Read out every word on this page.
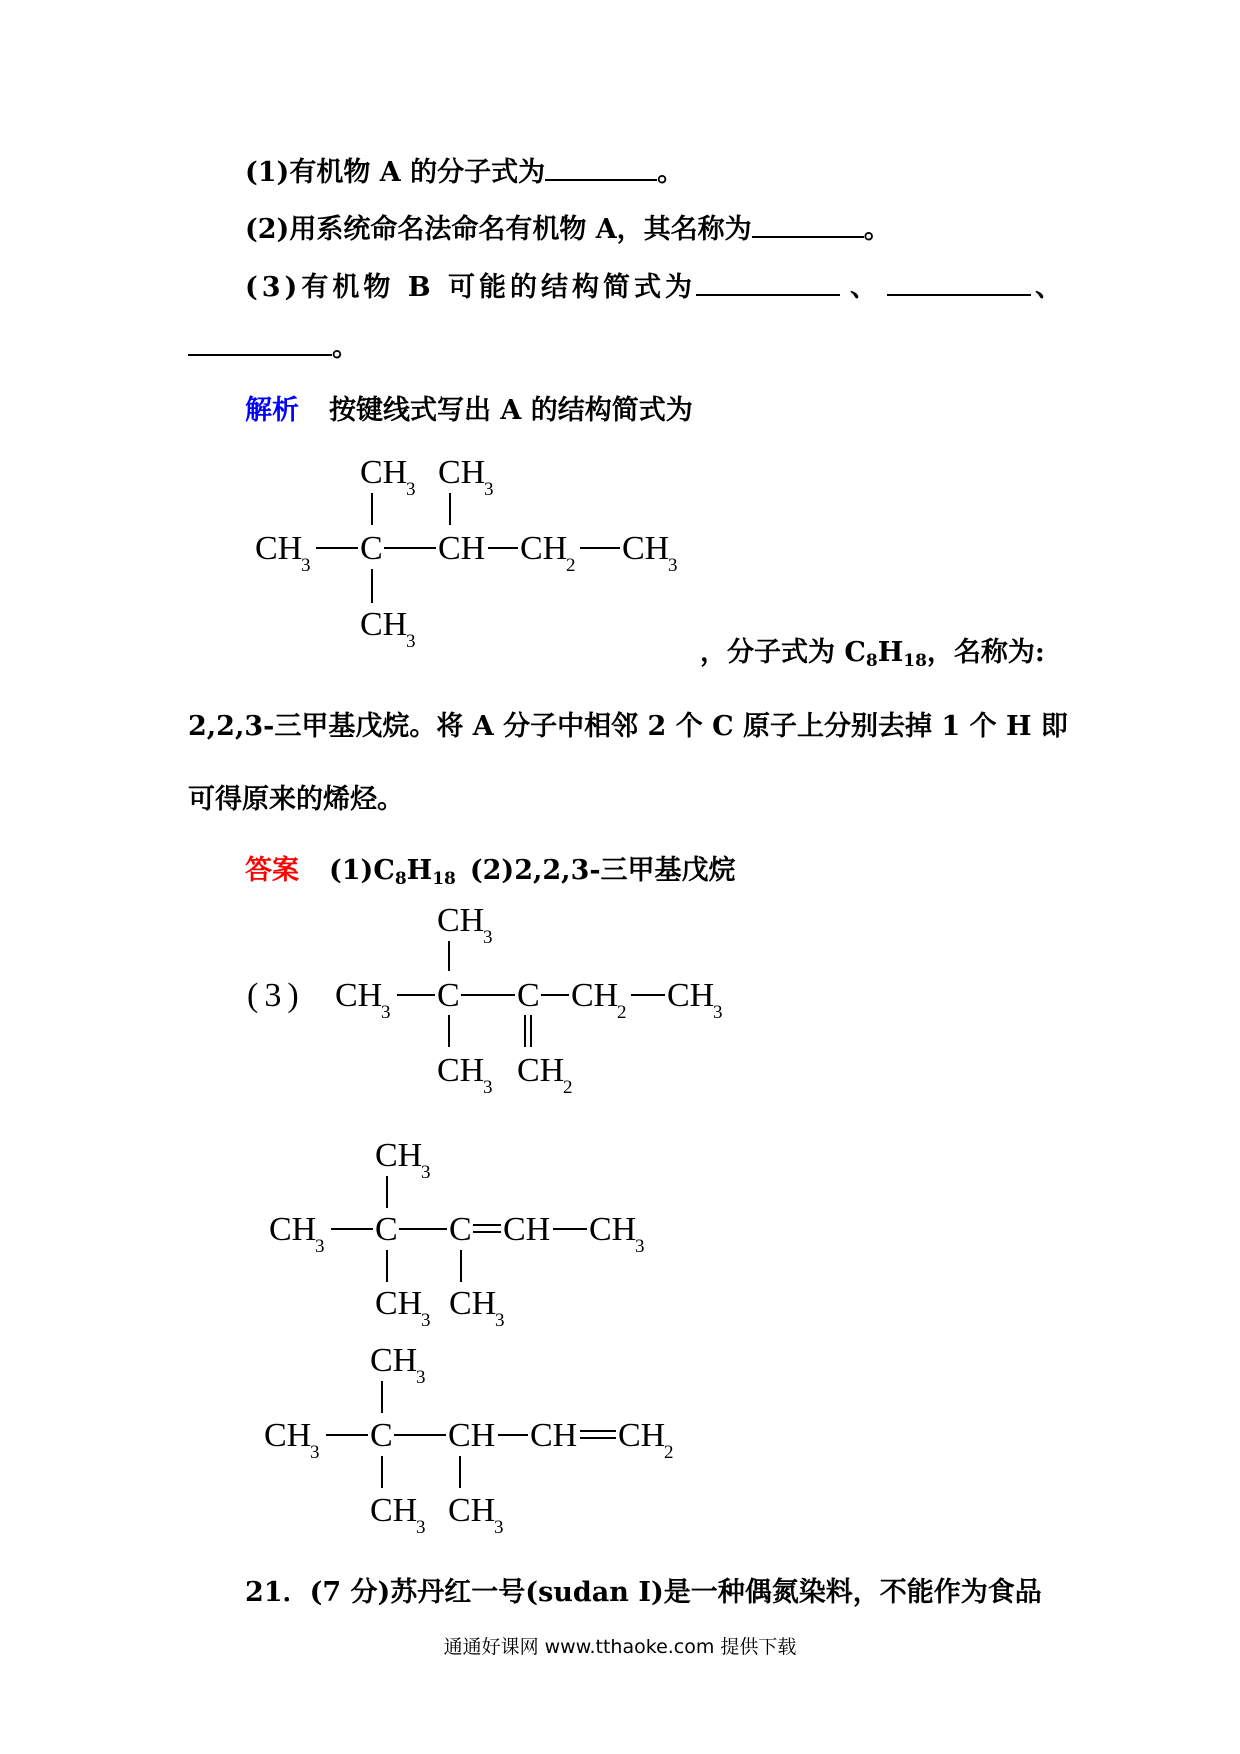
(1)有机物 A 的分子式为	。
(2)用系统命名法命名有机物 A，其名称为	。
(3)有机物 B 可能的结构简式为	、	、
。
解析 按键线式写出 A 的结构简式为
CH
3 CH
3
CH
3 C CH CH
2 CH
3
CH
3	，分子式为 $C_8H_{18}$，名称为:
2,2,3-三甲基戊烷。将 A 分子中相邻 2 个 C 原子上分别去掉 1 个 H 即
可得原来的烯烃。
答案 $(1)C_8H_{18}$ (2)2,2,3-三甲基戊烷
(3)
CH
3
CH
3 C C CH
2 CH
3
CH
3 CH
2
CH
3
CH
3 C C CH CH
3
CH
3 CH
3
CH
3
CH
3 C CH CH CH
2
CH
3 CH
3
21．(7 分)苏丹红一号(sudan Ⅰ)是一种偶氮染料，不能作为食品
通通好课网 www.tthaoke.com 提供下载
